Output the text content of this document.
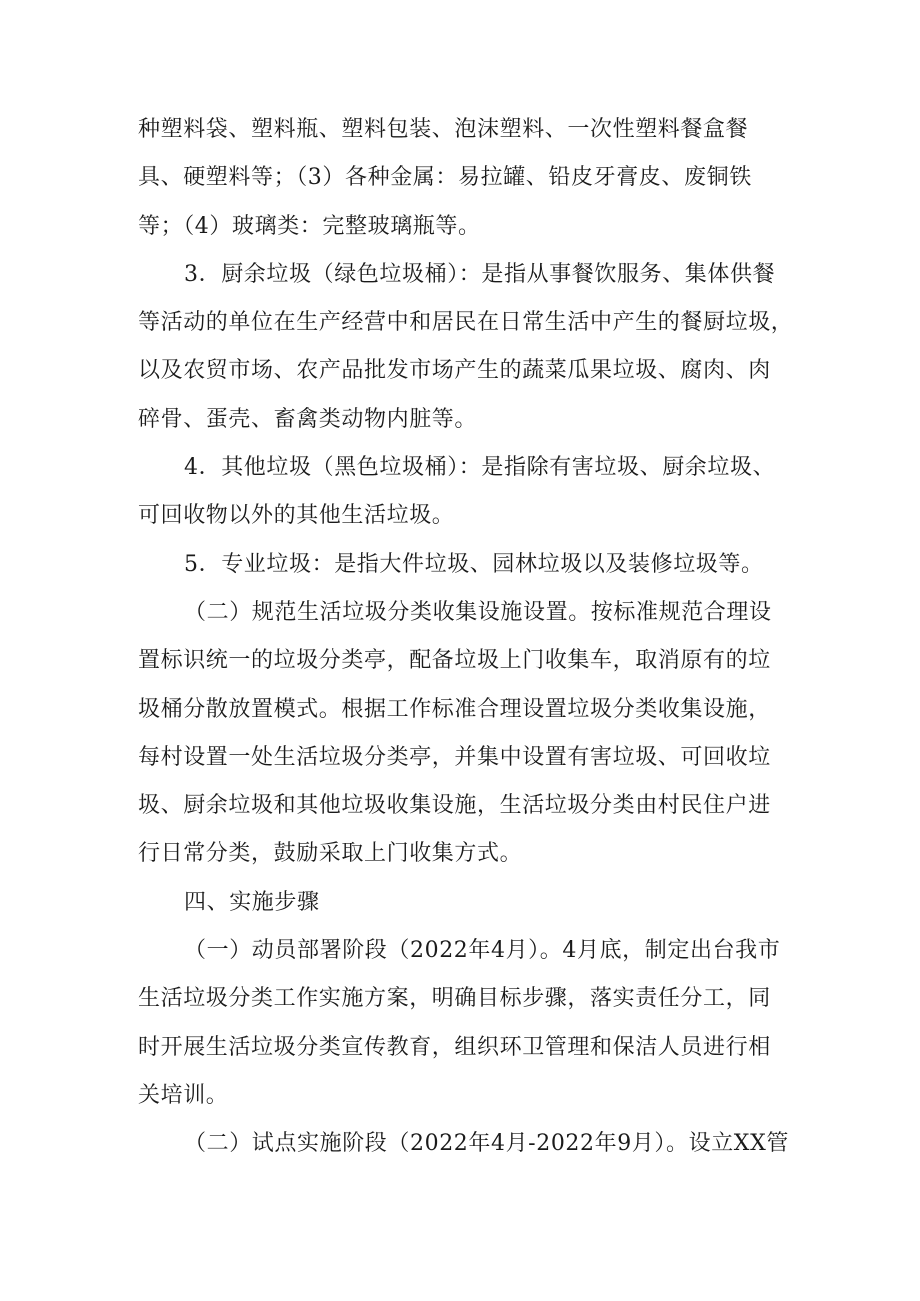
种塑料袋、塑料瓶、塑料包装、泡沫塑料、一次性塑料餐盒餐
具、硬塑料等；（3）各种金属：易拉罐、铅皮牙膏皮、废铜铁
等；（4）玻璃类：完整玻璃瓶等。

3．厨余垃圾（绿色垃圾桶）：是指从事餐饮服务、集体供餐
等活动的单位在生产经营中和居民在日常生活中产生的餐厨垃圾，
以及农贸市场、农产品批发市场产生的蔬菜瓜果垃圾、腐肉、肉
碎骨、蛋壳、畜禽类动物内脏等。

4．其他垃圾（黑色垃圾桶）：是指除有害垃圾、厨余垃圾、
可回收物以外的其他生活垃圾。

5．专业垃圾：是指大件垃圾、园林垃圾以及装修垃圾等。

（二）规范生活垃圾分类收集设施设置。按标准规范合理设
置标识统一的垃圾分类亭，配备垃圾上门收集车，取消原有的垃
圾桶分散放置模式。根据工作标准合理设置垃圾分类收集设施，
每村设置一处生活垃圾分类亭，并集中设置有害垃圾、可回收垃
圾、厨余垃圾和其他垃圾收集设施，生活垃圾分类由村民住户进
行日常分类，鼓励采取上门收集方式。

四、实施步骤

（一）动员部署阶段（2022年4月）。4月底，制定出台我市
生活垃圾分类工作实施方案，明确目标步骤，落实责任分工，同
时开展生活垃圾分类宣传教育，组织环卫管理和保洁人员进行相
关培训。

（二）试点实施阶段（2022年4月-2022年9月）。设立XX管
